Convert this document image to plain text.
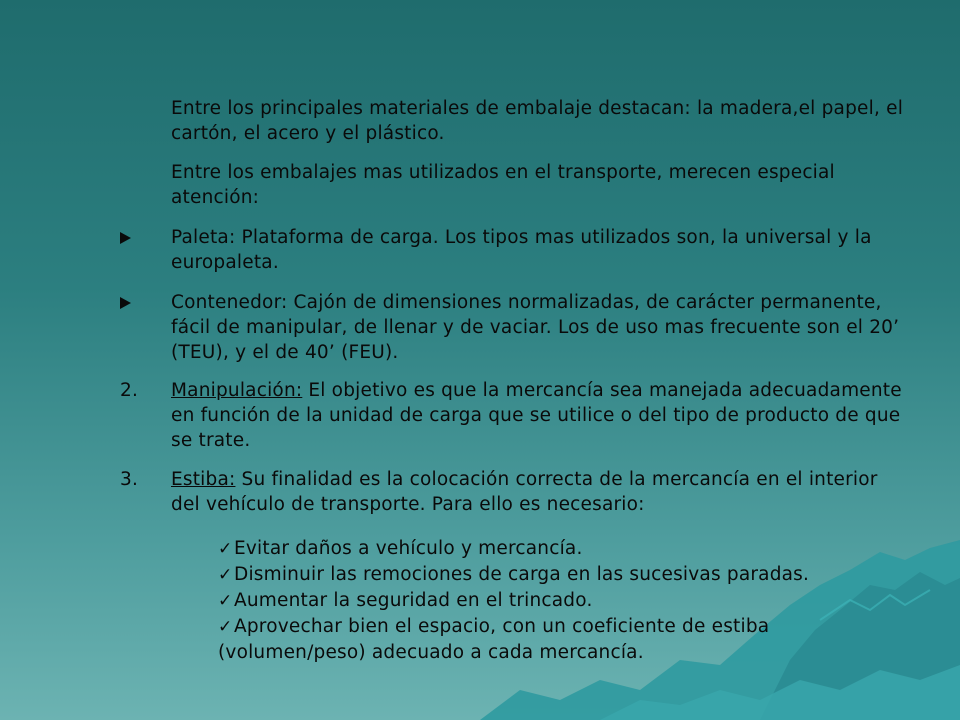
Entre los principales materiales de embalaje destacan: la madera,el papel, el cartón, el acero y el plástico.
Entre los embalajes mas utilizados en el transporte, merecen especial atención:
Paleta: Plataforma de carga. Los tipos mas utilizados son, la universal y la europaleta.
Contenedor: Cajón de dimensiones normalizadas, de carácter permanente, fácil de manipular, de llenar y de vaciar. Los de uso mas frecuente son el 20’ (TEU), y el de 40’ (FEU).
2.	Manipulación: El objetivo es que la mercancía sea manejada adecuadamente en función de la unidad de carga que se utilice o del tipo de producto de que se trate.
3.	Estiba: Su finalidad es la colocación correcta de la mercancía en el interior del vehículo de transporte. Para ello es necesario:

✓Evitar daños a vehículo y mercancía.

✓Disminuir las remociones de carga en las sucesivas paradas.

✓Aumentar la seguridad en el trincado.

✓Aprovechar bien el espacio, con un coeficiente de estiba (volumen/peso) adecuado a cada mercancía.
